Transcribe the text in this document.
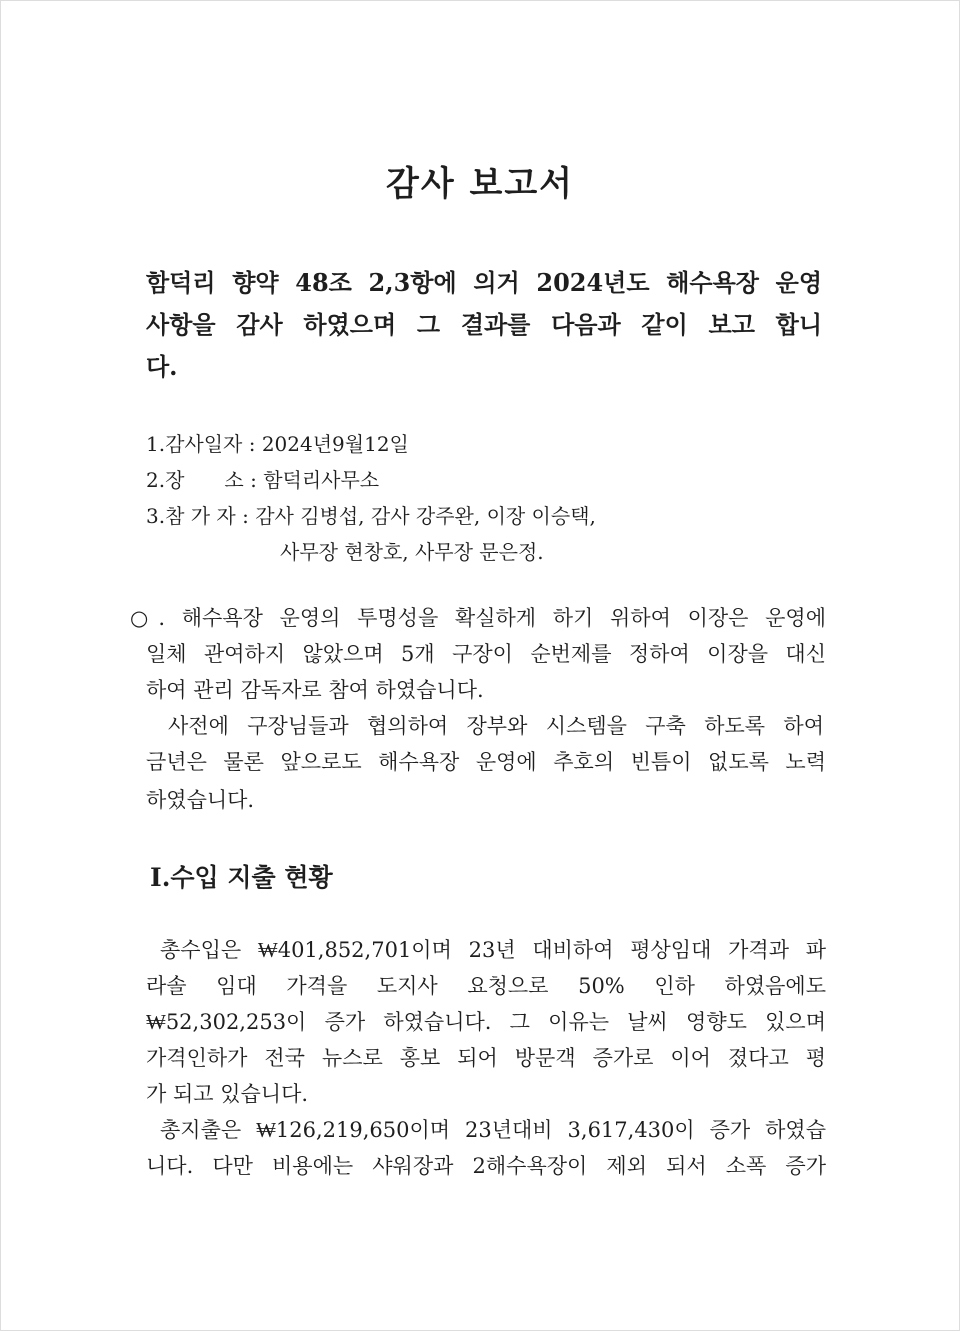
감사 보고서
함덕리 향약 48조 2,3항에 의거 2024년도 해수욕장 운영
사항을 감사 하였으며 그 결과를 다음과 같이 보고 합니
다.
1.감사일자 : 2024년9월12일
2.장　　소 : 함덕리사무소
3.참 가 자 : 감사 김병섭, 감사 강주완, 이장 이승택,
사무장 현창호, 사무장 문은정.
○. 해수욕장 운영의 투명성을 확실하게 하기 위하여 이장은 운영에
일체 관여하지 않았으며 5개 구장이 순번제를 정하여 이장을 대신
하여 관리 감독자로 참여 하였습니다.
사전에 구장님들과 협의하여 장부와 시스템을 구축 하도록 하여
금년은 물론 앞으로도 해수욕장 운영에 추호의 빈틈이 없도록 노력
하였습니다.
Ⅰ.수입 지출 현황
총수입은 ₩401,852,701이며 23년 대비하여 평상임대 가격과 파
라솔 임대 가격을 도지사 요청으로 50% 인하 하였음에도
₩52,302,253이 증가 하였습니다. 그 이유는 날씨 영향도 있으며
가격인하가 전국 뉴스로 홍보 되어 방문객 증가로 이어 졌다고 평
가 되고 있습니다.
총지출은 ₩126,219,650이며 23년대비 3,617,430이 증가 하였습
니다. 다만 비용에는 샤워장과 2해수욕장이 제외 되서 소폭 증가
